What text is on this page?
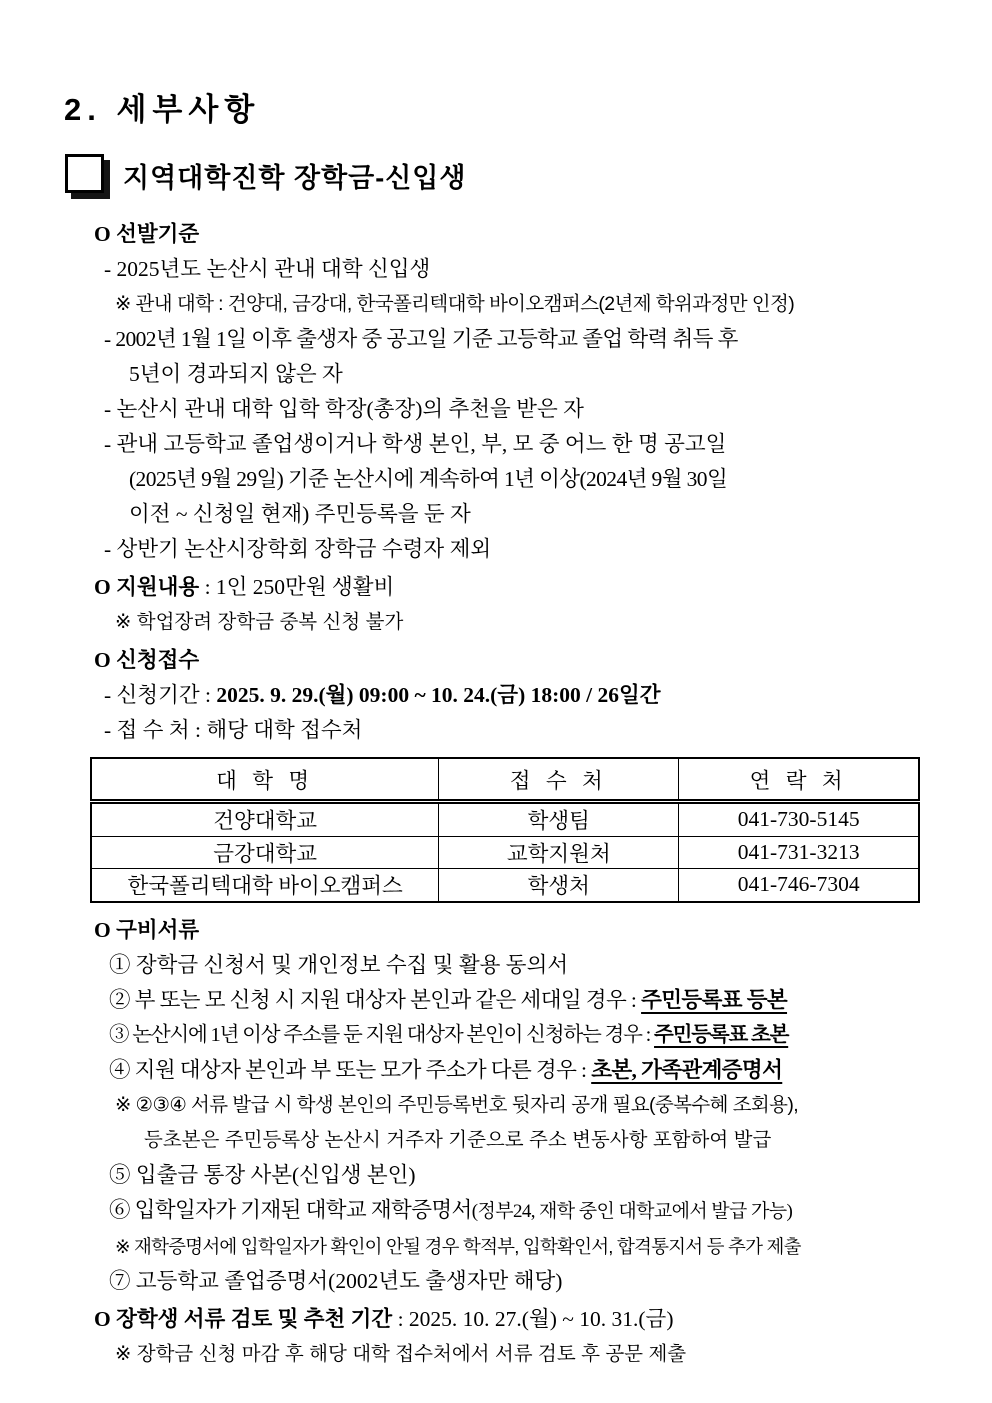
2. 세부사항
지역대학진학 장학금-신입생
O 선발기준
- 2025년도 논산시 관내 대학 신입생
※ 관내 대학 : 건양대, 금강대, 한국폴리텍대학 바이오캠퍼스(2년제 학위과정만 인정)
- 2002년 1월 1일 이후 출생자 중 공고일 기준 고등학교 졸업 학력 취득 후
5년이 경과되지 않은 자
- 논산시 관내 대학 입학 학장(총장)의 추천을 받은 자
- 관내 고등학교 졸업생이거나 학생 본인, 부, 모 중 어느 한 명 공고일
(2025년 9월 29일) 기준 논산시에 계속하여 1년 이상(2024년 9월 30일
이전 ~ 신청일 현재) 주민등록을 둔 자
- 상반기 논산시장학회 장학금 수령자 제외
O 지원내용 : 1인 250만원 생활비
※ 학업장려 장학금 중복 신청 불가
O 신청접수
- 신청기간 : 2025. 9. 29.(월) 09:00 ~ 10. 24.(금) 18:00 / 26일간
- 접 수 처 : 해당 대학 접수처
대 학 명	접 수 처	연 락 처
건양대학교	학생팀	041-730-5145
금강대학교	교학지원처	041-731-3213
한국폴리텍대학 바이오캠퍼스	학생처	041-746-7304
O 구비서류
① 장학금 신청서 및 개인정보 수집 및 활용 동의서
② 부 또는 모 신청 시 지원 대상자 본인과 같은 세대일 경우 : 주민등록표 등본
③ 논산시에 1년 이상 주소를 둔 지원 대상자 본인이 신청하는 경우 : 주민등록표 초본
④ 지원 대상자 본인과 부 또는 모가 주소가 다른 경우 : 초본, 가족관계증명서
※ ②③④ 서류 발급 시 학생 본인의 주민등록번호 뒷자리 공개 필요(중복수혜 조회용),
등초본은 주민등록상 논산시 거주자 기준으로 주소 변동사항 포함하여 발급
⑤ 입출금 통장 사본(신입생 본인)
⑥ 입학일자가 기재된 대학교 재학증명서(정부24, 재학 중인 대학교에서 발급 가능)
※ 재학증명서에 입학일자가 확인이 안될 경우 학적부, 입학확인서, 합격통지서 등 추가 제출
⑦ 고등학교 졸업증명서(2002년도 출생자만 해당)
O 장학생 서류 검토 및 추천 기간 : 2025. 10. 27.(월) ~ 10. 31.(금)
※ 장학금 신청 마감 후 해당 대학 접수처에서 서류 검토 후 공문 제출
